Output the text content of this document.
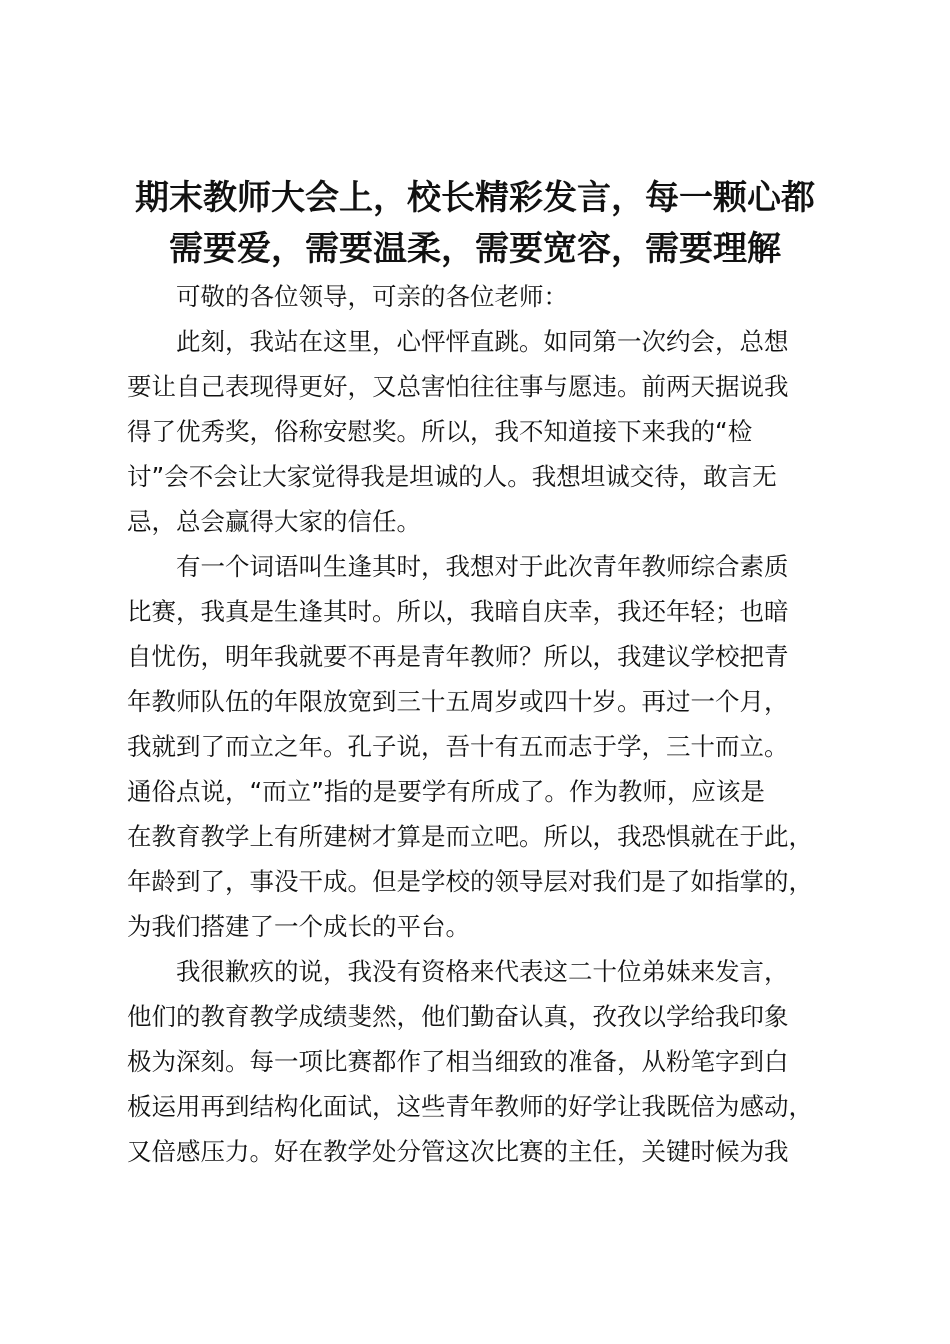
期末教师大会上，校长精彩发言，每一颗心都
需要爱，需要温柔，需要宽容，需要理解
　　可敬的各位领导，可亲的各位老师：
　　此刻，我站在这里，心怦怦直跳。如同第一次约会，总想
要让自己表现得更好，又总害怕往往事与愿违。前两天据说我
得了优秀奖，俗称安慰奖。所以，我不知道接下来我的“检
讨”会不会让大家觉得我是坦诚的人。我想坦诚交待，敢言无
忌，总会赢得大家的信任。
　　有一个词语叫生逢其时，我想对于此次青年教师综合素质
比赛，我真是生逢其时。所以，我暗自庆幸，我还年轻；也暗
自忧伤，明年我就要不再是青年教师？所以，我建议学校把青
年教师队伍的年限放宽到三十五周岁或四十岁。再过一个月，
我就到了而立之年。孔子说，吾十有五而志于学，三十而立。
通俗点说，“而立”指的是要学有所成了。作为教师，应该是
在教育教学上有所建树才算是而立吧。所以，我恐惧就在于此，
年龄到了，事没干成。但是学校的领导层对我们是了如指掌的，
为我们搭建了一个成长的平台。
　　我很歉疚的说，我没有资格来代表这二十位弟妹来发言，
他们的教育教学成绩斐然，他们勤奋认真，孜孜以学给我印象
极为深刻。每一项比赛都作了相当细致的准备，从粉笔字到白
板运用再到结构化面试，这些青年教师的好学让我既倍为感动，
又倍感压力。好在教学处分管这次比赛的主任，关键时候为我
